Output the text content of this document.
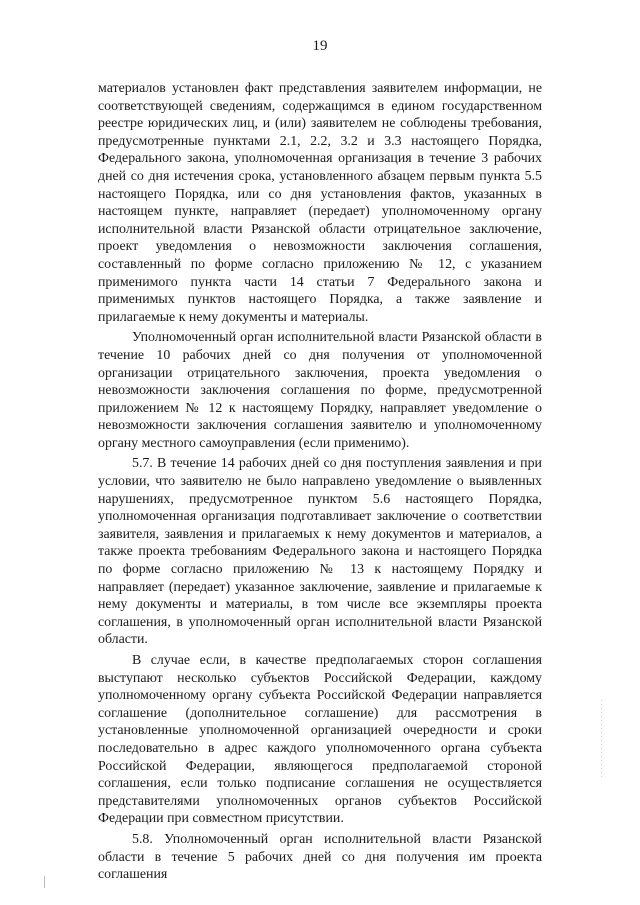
19

материалов установлен факт представления заявителем информации, не соответствующей сведениям, содержащимся в едином государственном реестре юридических лиц, и (или) заявителем не соблюдены требования, предусмотренные пунктами 2.1, 2.2, 3.2 и 3.3 настоящего Порядка, Федерального закона, уполномоченная организация в течение 3 рабочих дней со дня истечения срока, установленного абзацем первым пункта 5.5 настоящего Порядка, или со дня установления фактов, указанных в настоящем пункте, направляет (передает) уполномоченному органу исполнительной власти Рязанской области отрицательное заключение, проект уведомления о невозможности заключения соглашения, составленный по форме согласно приложению № 12, с указанием применимого пункта части 14 статьи 7 Федерального закона и применимых пунктов настоящего Порядка, а также заявление и прилагаемые к нему документы и материалы.

Уполномоченный орган исполнительной власти Рязанской области в течение 10 рабочих дней со дня получения от уполномоченной организации отрицательного заключения, проекта уведомления о невозможности заключения соглашения по форме, предусмотренной приложением № 12 к настоящему Порядку, направляет уведомление о невозможности заключения соглашения заявителю и уполномоченному органу местного самоуправления (если применимо).

5.7. В течение 14 рабочих дней со дня поступления заявления и при условии, что заявителю не было направлено уведомление о выявленных нарушениях, предусмотренное пунктом 5.6 настоящего Порядка, уполномоченная организация подготавливает заключение о соответствии заявителя, заявления и прилагаемых к нему документов и материалов, а также проекта требованиям Федерального закона и настоящего Порядка по форме согласно приложению № 13 к настоящему Порядку и направляет (передает) указанное заключение, заявление и прилагаемые к нему документы и материалы, в том числе все экземпляры проекта соглашения, в уполномоченный орган исполнительной власти Рязанской области.

В случае если, в качестве предполагаемых сторон соглашения выступают несколько субъектов Российской Федерации, каждому уполномоченному органу субъекта Российской Федерации направляется соглашение (дополнительное соглашение) для рассмотрения в установленные уполномоченной организацией очередности и сроки последовательно в адрес каждого уполномоченного органа субъекта Российской Федерации, являющегося предполагаемой стороной соглашения, если только подписание соглашения не осуществляется представителями уполномоченных органов субъектов Российской Федерации при совместном присутствии.

5.8. Уполномоченный орган исполнительной власти Рязанской области в течение 5 рабочих дней со дня получения им проекта соглашения
